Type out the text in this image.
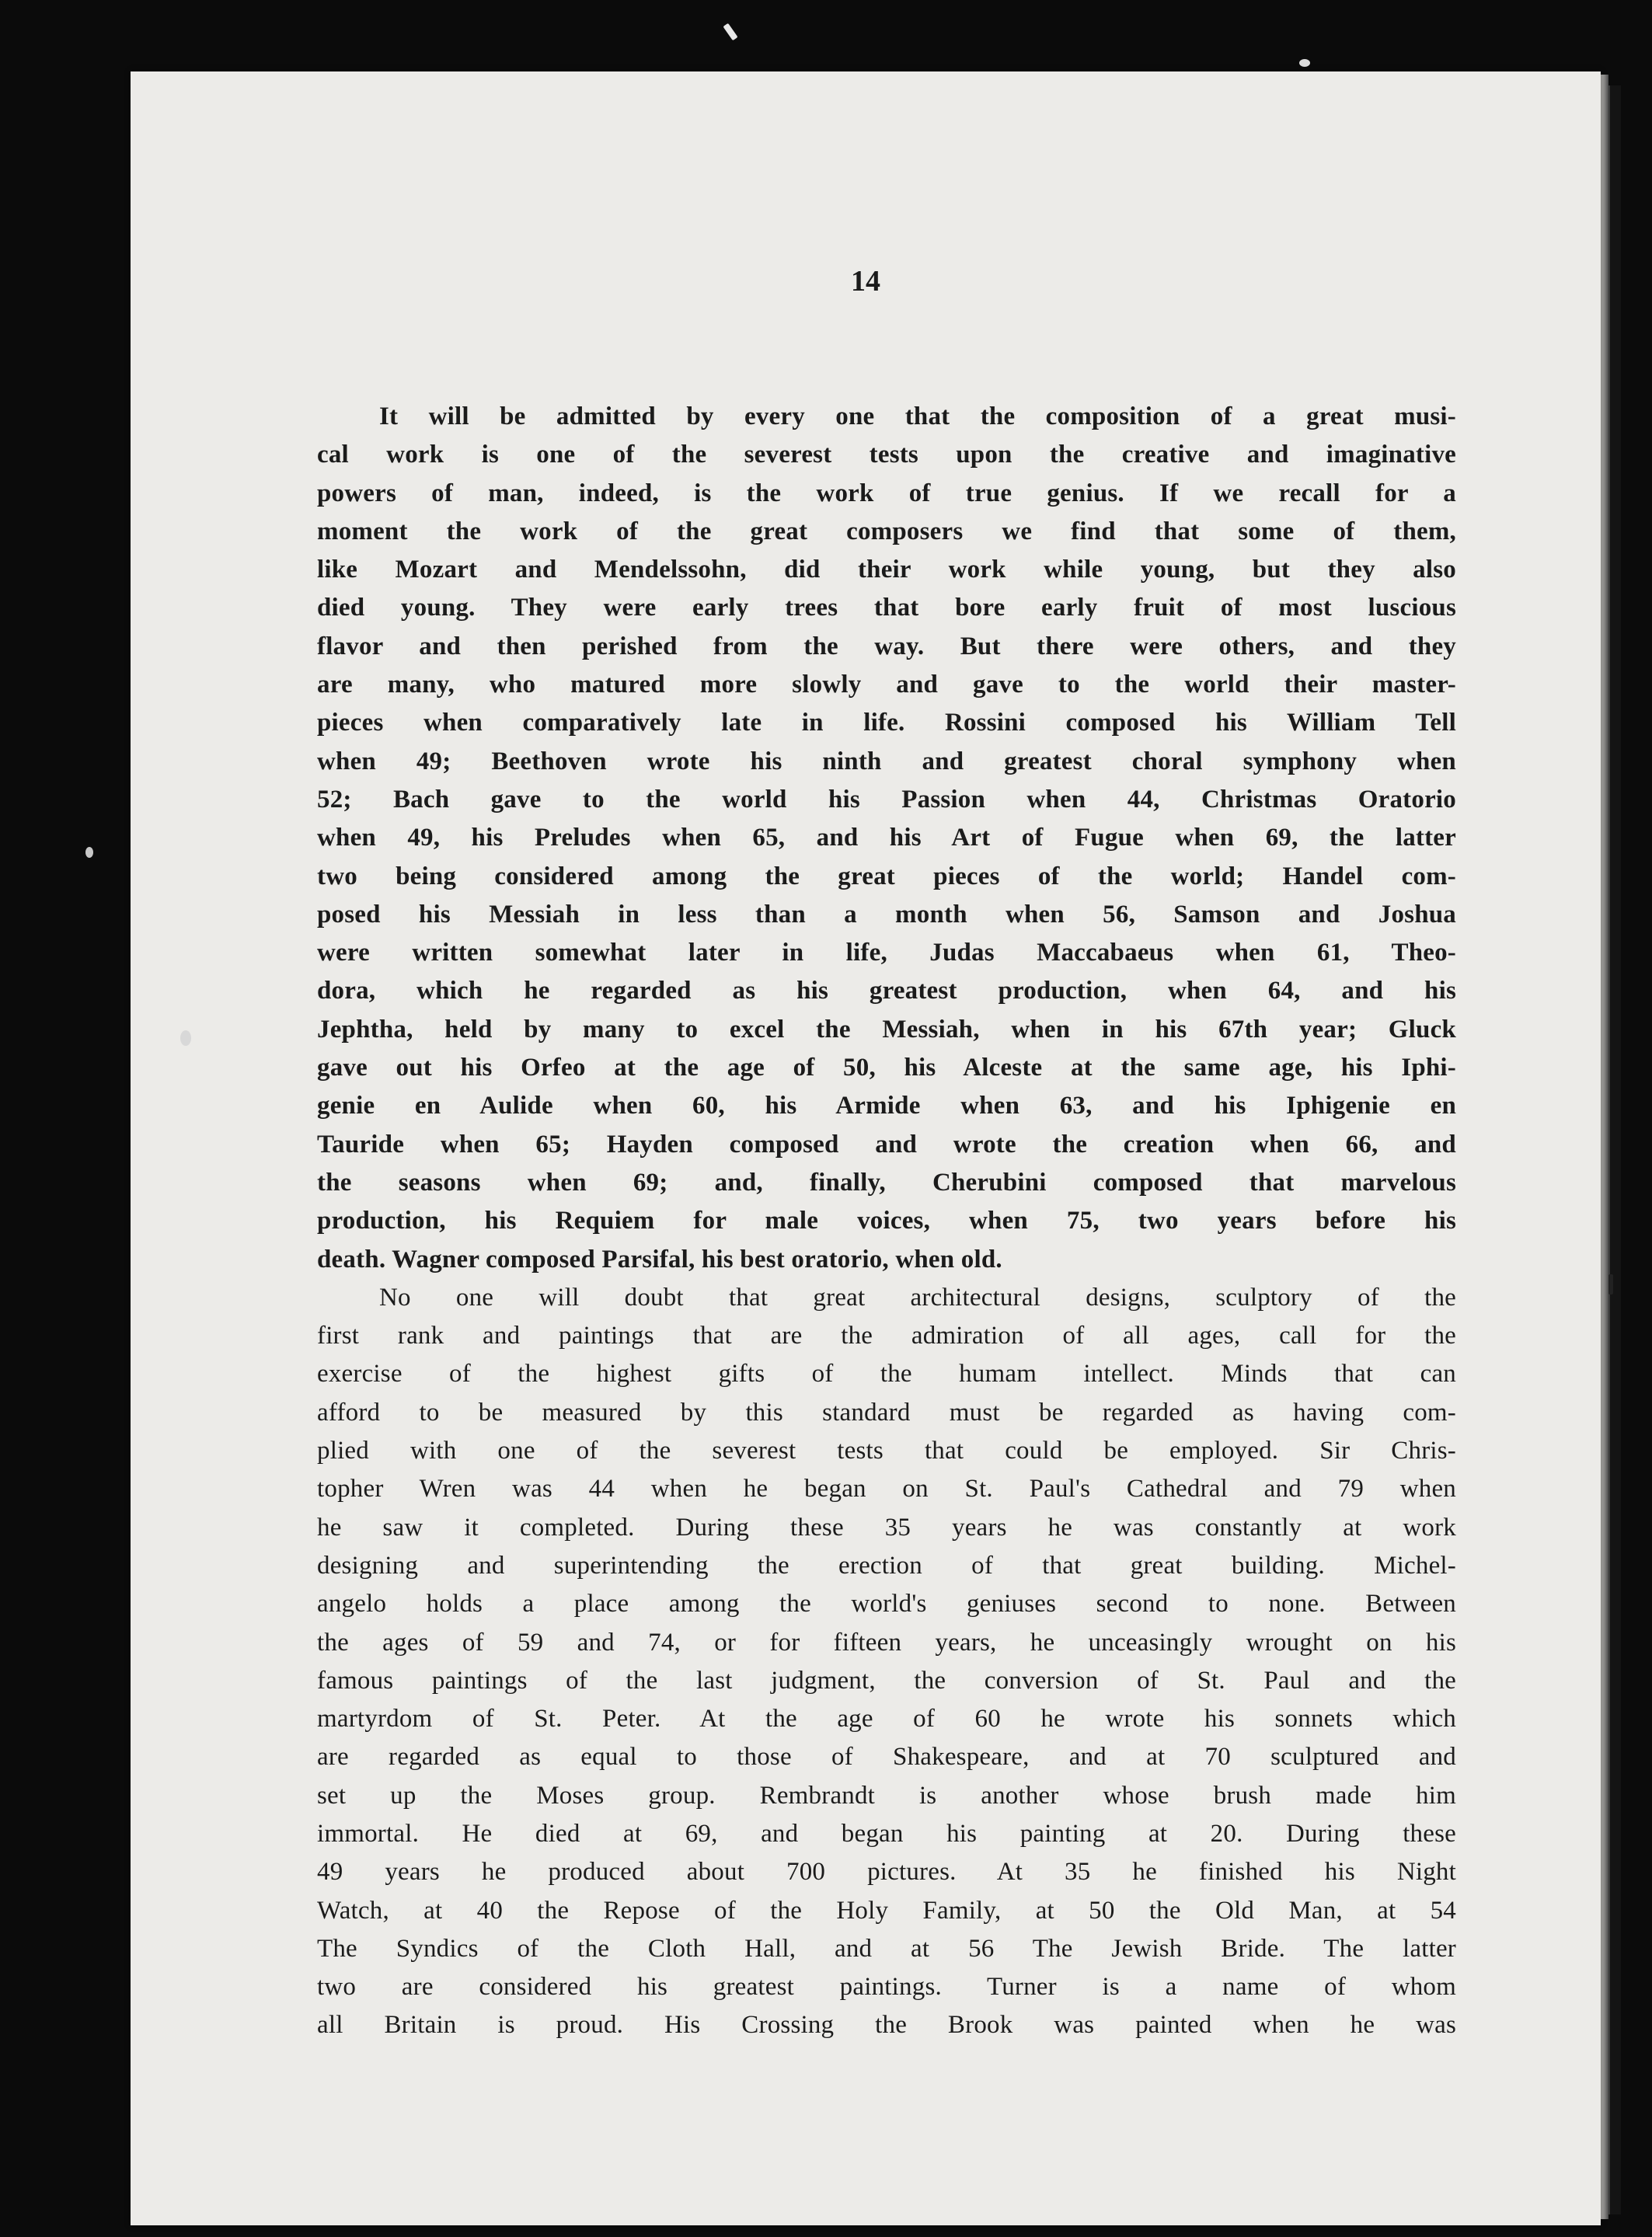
14
It will be admitted by every one that the composition of a great musi-
cal work is one of the severest tests upon the creative and imaginative
powers of man, indeed, is the work of true genius. If we recall for a
moment the work of the great composers we find that some of them,
like Mozart and Mendelssohn, did their work while young, but they also
died young. They were early trees that bore early fruit of most luscious
flavor and then perished from the way. But there were others, and they
are many, who matured more slowly and gave to the world their master-
pieces when comparatively late in life. Rossini composed his William Tell
when 49; Beethoven wrote his ninth and greatest choral symphony when
52; Bach gave to the world his Passion when 44, Christmas Oratorio
when 49, his Preludes when 65, and his Art of Fugue when 69, the latter
two being considered among the great pieces of the world; Handel com-
posed his Messiah in less than a month when 56, Samson and Joshua
were written somewhat later in life, Judas Maccabaeus when 61, Theo-
dora, which he regarded as his greatest production, when 64, and his
Jephtha, held by many to excel the Messiah, when in his 67th year; Gluck
gave out his Orfeo at the age of 50, his Alceste at the same age, his Iphi-
genie en Aulide when 60, his Armide when 63, and his Iphigenie en
Tauride when 65; Hayden composed and wrote the creation when 66, and
the seasons when 69; and, finally, Cherubini composed that marvelous
production, his Requiem for male voices, when 75, two years before his
death. Wagner composed Parsifal, his best oratorio, when old.
No one will doubt that great architectural designs, sculptory of the
first rank and paintings that are the admiration of all ages, call for the
exercise of the highest gifts of the humam intellect. Minds that can
afford to be measured by this standard must be regarded as having com-
plied with one of the severest tests that could be employed. Sir Chris-
topher Wren was 44 when he began on St. Paul's Cathedral and 79 when
he saw it completed. During these 35 years he was constantly at work
designing and superintending the erection of that great building. Michel-
angelo holds a place among the world's geniuses second to none. Between
the ages of 59 and 74, or for fifteen years, he unceasingly wrought on his
famous paintings of the last judgment, the conversion of St. Paul and the
martyrdom of St. Peter. At the age of 60 he wrote his sonnets which
are regarded as equal to those of Shakespeare, and at 70 sculptured and
set up the Moses group. Rembrandt is another whose brush made him
immortal. He died at 69, and began his painting at 20. During these
49 years he produced about 700 pictures. At 35 he finished his Night
Watch, at 40 the Repose of the Holy Family, at 50 the Old Man, at 54
The Syndics of the Cloth Hall, and at 56 The Jewish Bride. The latter
two are considered his greatest paintings. Turner is a name of whom
all Britain is proud. His Crossing the Brook was painted when he was
